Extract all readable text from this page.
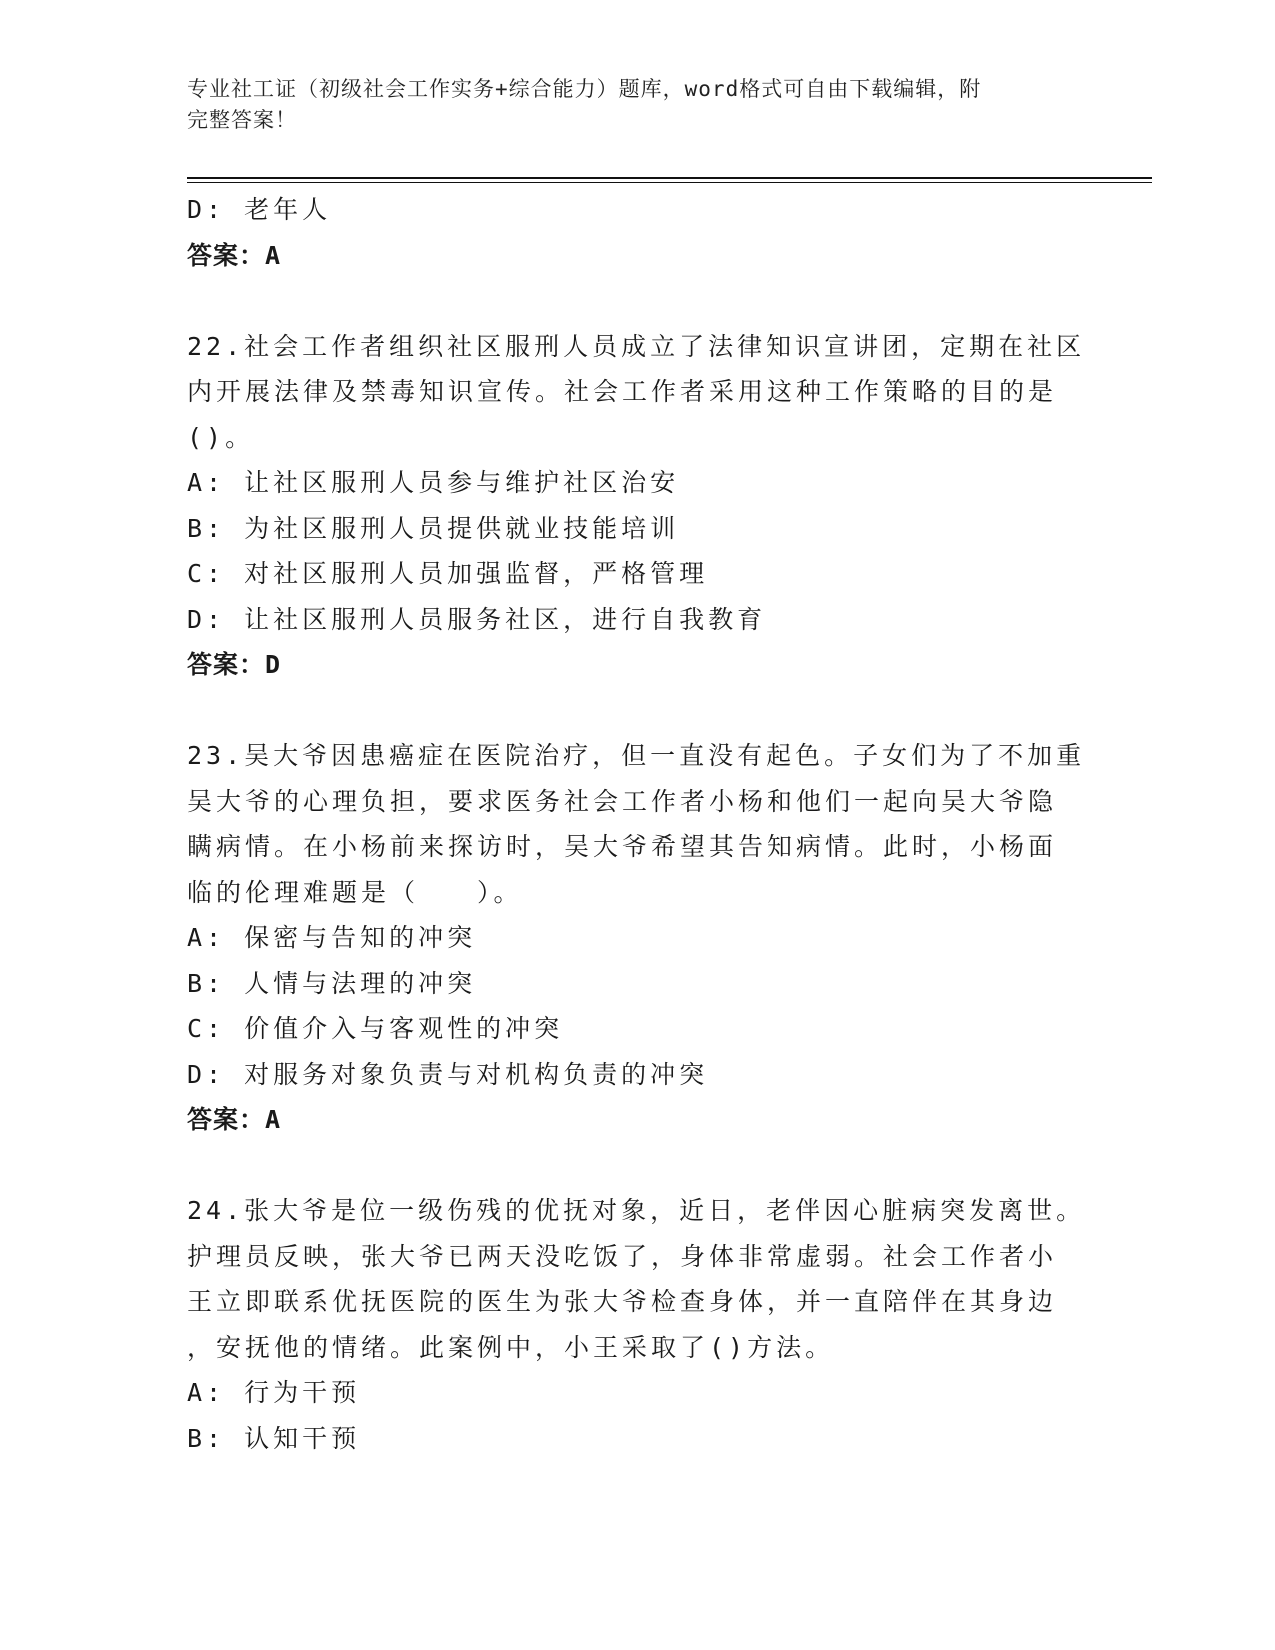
专业社工证（初级社会工作实务+综合能力）题库，word格式可自由下载编辑，附
完整答案！
D: 老年人
答案：A
22.社会工作者组织社区服刑人员成立了法律知识宣讲团，定期在社区
内开展法律及禁毒知识宣传。社会工作者采用这种工作策略的目的是
()。
A: 让社区服刑人员参与维护社区治安
B: 为社区服刑人员提供就业技能培训
C: 对社区服刑人员加强监督，严格管理
D: 让社区服刑人员服务社区，进行自我教育
答案：D
23.吴大爷因患癌症在医院治疗，但一直没有起色。子女们为了不加重
吴大爷的心理负担，要求医务社会工作者小杨和他们一起向吴大爷隐
瞒病情。在小杨前来探访时，吴大爷希望其告知病情。此时，小杨面
临的伦理难题是（　　）。
A: 保密与告知的冲突
B: 人情与法理的冲突
C: 价值介入与客观性的冲突
D: 对服务对象负责与对机构负责的冲突
答案：A
24.张大爷是位一级伤残的优抚对象，近日，老伴因心脏病突发离世。
护理员反映，张大爷已两天没吃饭了，身体非常虚弱。社会工作者小
王立即联系优抚医院的医生为张大爷检查身体，并一直陪伴在其身边
，安抚他的情绪。此案例中，小王采取了()方法。
A: 行为干预
B: 认知干预
